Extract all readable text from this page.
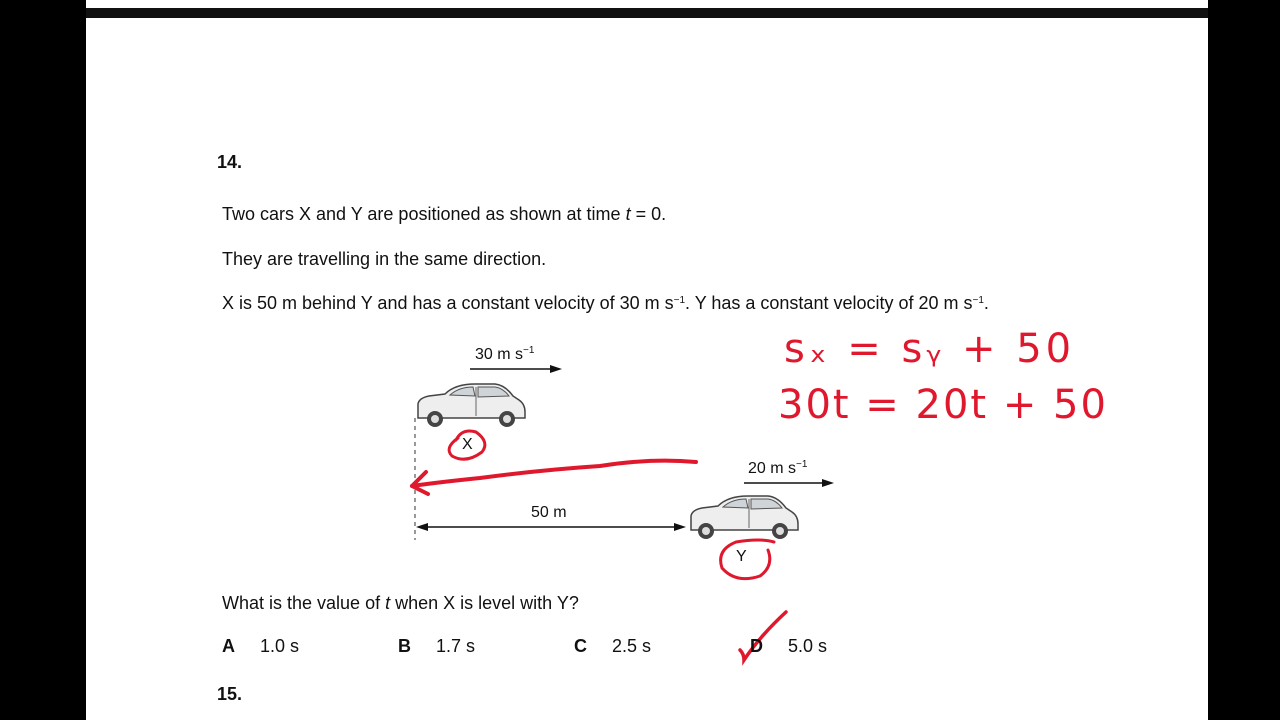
14.
Two cars X and Y are positioned as shown at time t = 0.
They are travelling in the same direction.
X is 50 m behind Y and has a constant velocity of 30 m $s^{-1}$. Y has a constant velocity of 20 m $s^{-1}$.
30 m $s^{-1}$
20 m $s^{-1}$
50 m
X
Y
sₓ = sᵧ + 50
30t = 20t + 50
What is the value of t when X is level with Y?
A 1.0 s	B 1.7 s	C 2.5 s	D 5.0 s
15.
